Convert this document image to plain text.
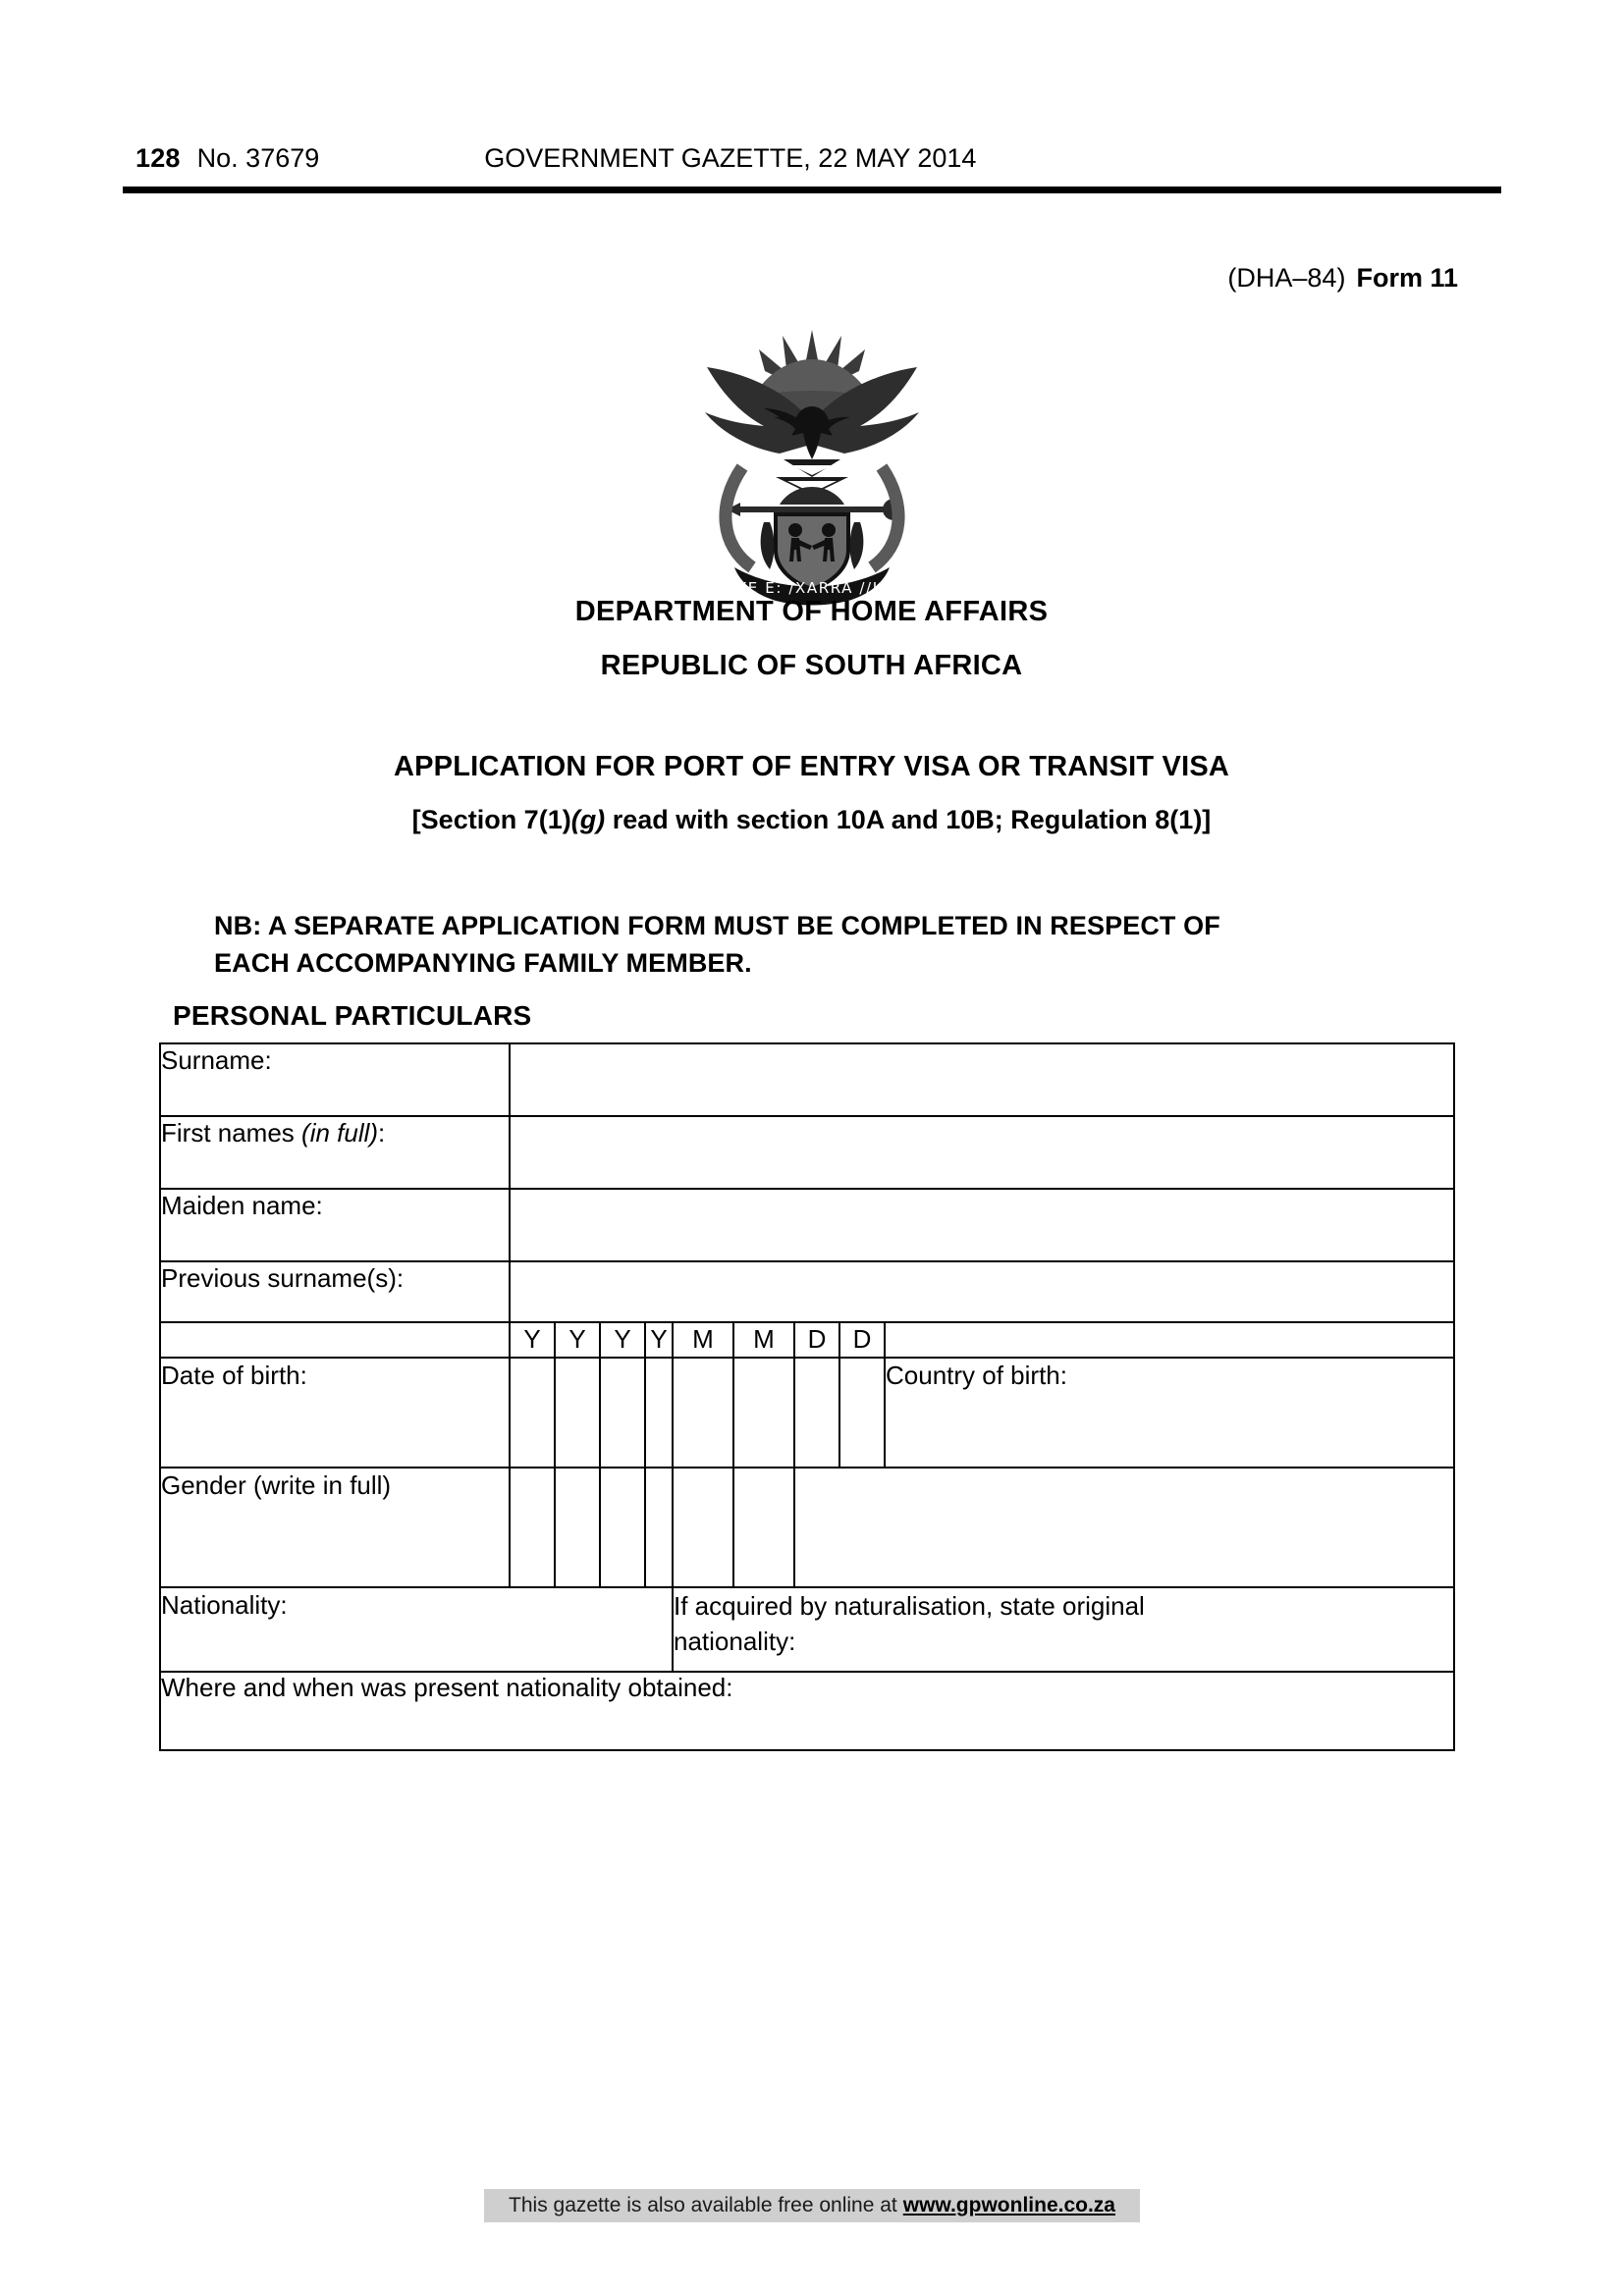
128 No. 37679	GOVERNMENT GAZETTE, 22 MAY 2014
(DHA–84) Form 11
!KE E: /XARRA //KE
DEPARTMENT OF HOME AFFAIRS
REPUBLIC OF SOUTH AFRICA
APPLICATION FOR PORT OF ENTRY VISA OR TRANSIT VISA
[Section 7(1)(g) read with section 10A and 10B; Regulation 8(1)]
NB: A SEPARATE APPLICATION FORM MUST BE COMPLETED IN RESPECT OF
EACH ACCOMPANYING FAMILY MEMBER.
PERSONAL PARTICULARS
Surname:									
First names (in full):									
Maiden name:									
Previous surname(s):									
	Y	Y	Y	Y	M	M	D	D	
Date of birth:									Country of birth:
Gender (write in full)									
Nationality:					If acquired by naturalisation, state original
nationality:				

Where and when was present nationality obtained:									
This gazette is also available free online at www.gpwonline.co.za
